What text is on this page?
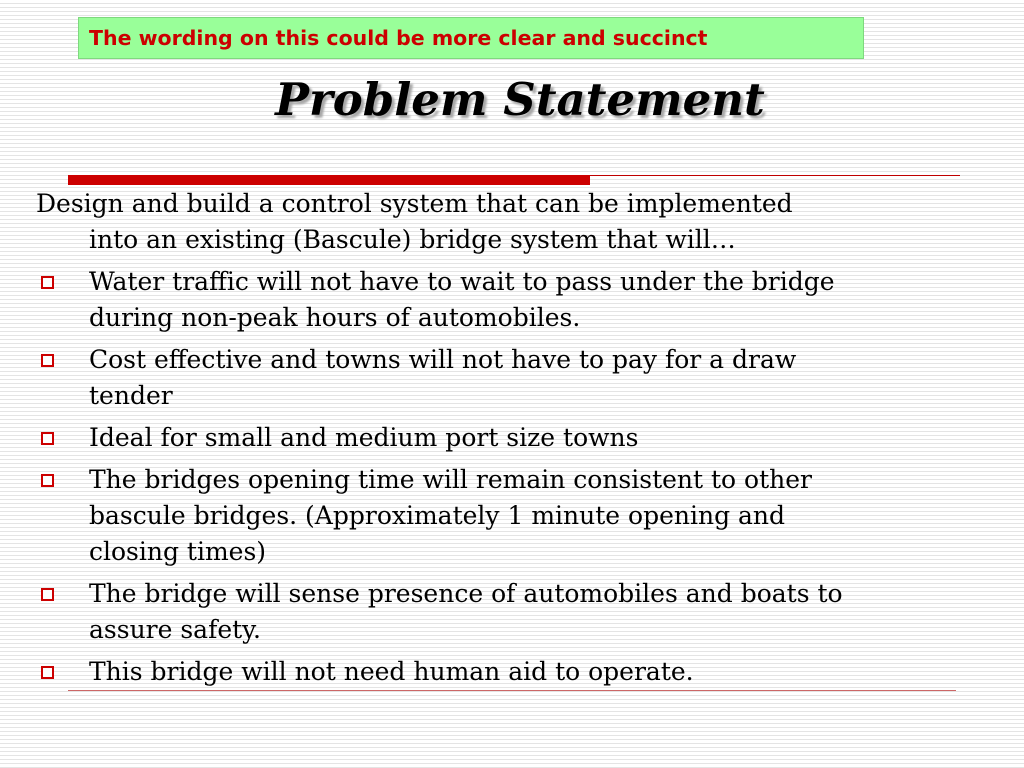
The wording on this could be more clear and succinct
Problem Statement
Design and build a control system that can be implemented
into an existing (Bascule) bridge system that will…
Water traffic will not have to wait to pass under the bridge
during non-peak hours of automobiles.
Cost effective and towns will not have to pay for a draw
tender
Ideal for small and medium port size towns
The bridges opening time will remain consistent to other
bascule bridges. (Approximately 1 minute opening and
closing times)
The bridge will sense presence of automobiles and boats to
assure safety.
This bridge will not need human aid to operate.
